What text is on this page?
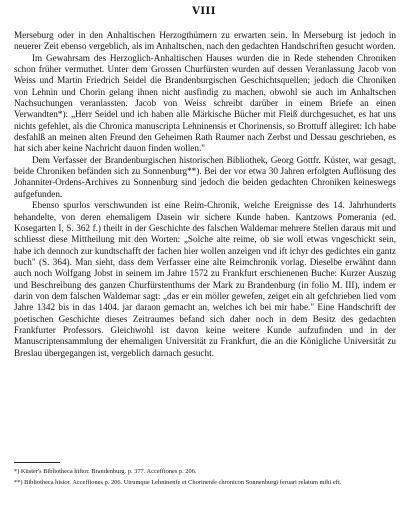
VIII

Merseburg oder in den Anhaltischen Herzogthümern zu erwarten sein. In Merseburg ist jedoch in neuerer Zeit ebenso vergeblich, als im Anhaltschen, nach den gedachten Handschriften gesucht worden.

Im Gewahrsam des Herzoglich-Anhaltischen Hauses wurden die in Rede stehenden Chroniken schon früher vermuthet. Unter dem Grossen Churfürsten wurden auf dessen Veranlassung Jacob von Weiss und Martin Friedrich Seidel die Brandenburgischen Geschichtsquellen; jedoch die Chroniken von Lehnin und Chorin gelang ihnen nicht ausfindig zu machen, obwohl sie auch im Anhaltschen Nachsuchungen veranlassten. Jacob von Weiss schreibt darüber in einem Briefe an einen Verwandten*): „Herr Seidel und ich haben alle Märkische Bücher mit Fleiß durchgesuchet, es hat uns nichts gefehlet, als die Chronica manuscripta Lehninensis et Chorinensis, so Brottuff allegiret: Ich habe desfahlß an meinen alten Freund den Geheimen Rath Raumer nach Zerbst und Dessau geschrieben, es hat sich aber keine Nachricht dauon finden wollen."

Dem Verfasser der Brandenburgischen historischen Bibliothek, Georg Gottfr. Küster, war gesagt, beide Chroniken befänden sich zu Sonnenburg**). Bei der vor etwa 30 Jahren erfolgten Auflösung des Johanniter-Ordens-Archives zu Sonnenburg sind jedoch die beiden gedachten Chroniken keineswegs aufgefunden.

Ebenso spurlos verschwunden ist eine Reim-Chronik, welche Ereignisse des 14. Jahrhunderts behandelte, von deren ehemaligem Dasein wir sichere Kunde haben. Kantzows Pomerania (ed. Kosegarten I, S. 362 f.) theilt in der Geschichte des falschen Waldemar mehrere Stellen daraus mit und schliesst diese Mittheilung mit den Worten: „Solche alte reime, ob sie woll etwas vngeschickt sein, habe ich dennoch zur kundtschafft der fachen hier wollen anzeigen vnd ift ichyr des gedichtes ein gantz buch" (S. 364). Man sieht, dass dem Verfasser eine alte Reimchronik vorlag. Dieselbe erwähnt dann auch noch Wolfgang Jobst in seinem im Jahre 1572 zu Frankfurt erschienenen Buche: Kurzer Auszug und Beschreibung des ganzen Churfürstenthums der Mark zu Brandenburg (in folio M. III), indem er darin von dem falschen Waldemar sagt: „das er ein möller gewefen, zeiget ein alt gefchrieben lied vom Jahre 1342 bis in das 1404. jar daraon gemacht an, welches ich bei mir habe." Eine Handschrift der poetischen Geschichte dieses Zeitraumes befand sich daher noch in dem Besitz des gedachten Frankfurter Professors. Gleichwohl ist davon keine weitere Kunde aufzufinden und in der Manuscriptensammlung der ehemaligen Universität zu Frankfurt, die an die Königliche Universität zu Breslau übergegangen ist, vergeblich darnach gesucht.

*) Küster's Bibliotheca hiftor. Brandenburg. p. 377. Acceffiones p. 206.

**) Bibliotheca histor. Acceffiones p. 206. Utrumque Lehninenfe et Chorinenfe chronicon Sonnenburgi feruari relatum mihi eft.
